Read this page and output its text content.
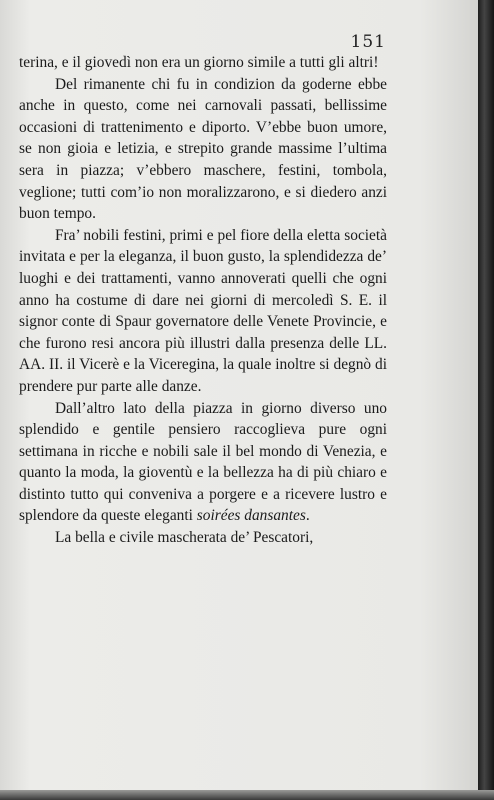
151

terina, e il giovedì non era un giorno simile a tutti gli altri!

Del rimanente chi fu in condizion da goderne ebbe anche in questo, come nei carnovali passati, bellissime occasioni di trattenimento e diporto. V’ebbe buon umore, se non gioia e letizia, e strepito grande massime l’ultima sera in piazza; v’ebbero maschere, festini, tombola, veglione; tutti com’io non moralizzarono, e si diedero anzi buon tempo.

Fra’ nobili festini, primi e pel fiore della eletta società invitata e per la eleganza, il buon gusto, la splendidezza de’ luoghi e dei trattamenti, vanno annoverati quelli che ogni anno ha costume di dare nei giorni di mercoledì S. E. il signor conte di Spaur governatore delle Venete Provincie, e che furono resi ancora più illustri dalla presenza delle LL. AA. II. il Vicerè e la Viceregina, la quale inoltre si degnò di prendere pur parte alle danze.

Dall’altro lato della piazza in giorno diverso uno splendido e gentile pensiero raccoglieva pure ogni settimana in ricche e nobili sale il bel mondo di Venezia, e quanto la moda, la gioventù e la bellezza ha di più chiaro e distinto tutto qui conveniva a porgere e a ricevere lustro e splendore da queste eleganti soirées dansantes.

La bella e civile mascherata de’ Pescatori,
